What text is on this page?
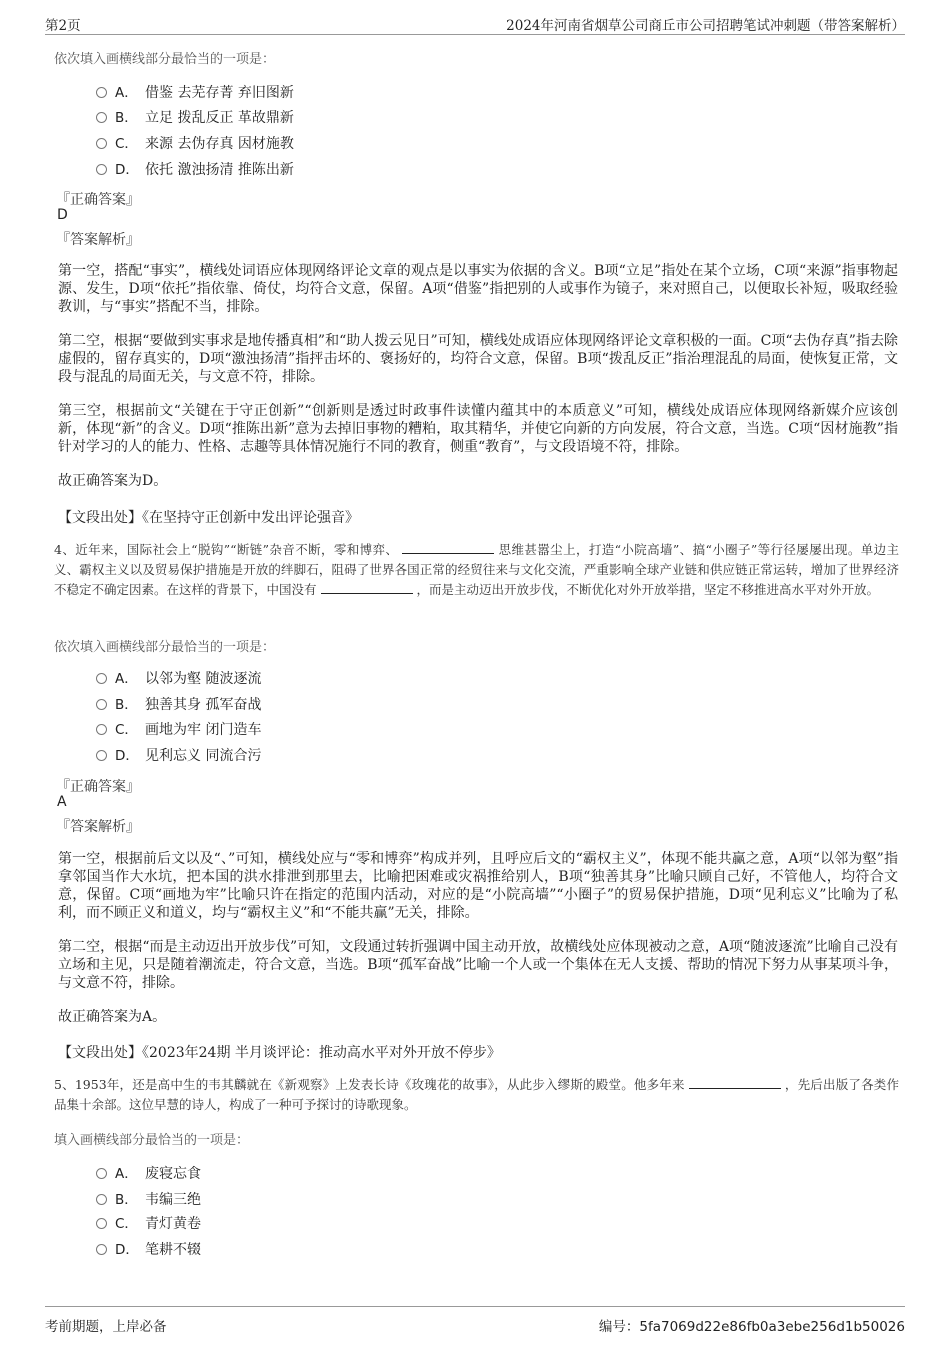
第2页	2024年河南省烟草公司商丘市公司招聘笔试冲刺题（带答案解析）
依次填入画横线部分最恰当的一项是：
A． 借鉴 去芜存菁 弃旧图新
B． 立足 拨乱反正 革故鼎新
C． 来源 去伪存真 因材施教
D． 依托 激浊扬清 推陈出新
『正确答案』
D
『答案解析』
第一空，搭配“事实”，横线处词语应体现网络评论文章的观点是以事实为依据的含义。B项“立足”指处在某个立场，C项“来源”指事物起源、发生，D项“依托”指依靠、倚仗，均符合文意，保留。A项“借鉴”指把别的人或事作为镜子，来对照自己，以便取长补短，吸取经验教训，与“事实”搭配不当，排除。
第二空，根据“要做到实事求是地传播真相”和“助人拨云见日”可知，横线处成语应体现网络评论文章积极的一面。C项“去伪存真”指去除虚假的，留存真实的，D项“激浊扬清”指抨击坏的、褒扬好的，均符合文意，保留。B项“拨乱反正”指治理混乱的局面，使恢复正常，文段与混乱的局面无关，与文意不符，排除。
第三空，根据前文“关键在于守正创新”“创新则是透过时政事件读懂内蕴其中的本质意义”可知，横线处成语应体现网络新媒介应该创新，体现“新”的含义。D项“推陈出新”意为去掉旧事物的糟粕，取其精华，并使它向新的方向发展，符合文意，当选。C项“因材施教”指针对学习的人的能力、性格、志趣等具体情况施行不同的教育，侧重“教育”，与文段语境不符，排除。
故正确答案为D。
【文段出处】《在坚持守正创新中发出评论强音》
4、近年来，国际社会上“脱钩”“断链”杂音不断，零和博弈、	思维甚嚣尘上，打造“小院高墙”、搞“小圈子”等行径屡屡出现。单边主义、霸权主义以及贸易保护措施是开放的绊脚石，阻碍了世界各国正常的经贸往来与文化交流，严重影响全球产业链和供应链正常运转，增加了世界经济不稳定不确定因素。在这样的背景下，中国没有	，而是主动迈出开放步伐，不断优化对外开放举措，坚定不移推进高水平对外开放。
依次填入画横线部分最恰当的一项是：
A． 以邻为壑 随波逐流
B． 独善其身 孤军奋战
C． 画地为牢 闭门造车
D． 见利忘义 同流合污
『正确答案』
A
『答案解析』
第一空，根据前后文以及“、”可知，横线处应与“零和博弈”构成并列，且呼应后文的“霸权主义”，体现不能共赢之意，A项“以邻为壑”指拿邻国当作大水坑，把本国的洪水排泄到那里去，比喻把困难或灾祸推给别人，B项“独善其身”比喻只顾自己好，不管他人，均符合文意，保留。C项“画地为牢”比喻只许在指定的范围内活动，对应的是“小院高墙”“小圈子”的贸易保护措施，D项“见利忘义”比喻为了私利，而不顾正义和道义，均与“霸权主义”和“不能共赢”无关，排除。
第二空，根据“而是主动迈出开放步伐”可知，文段通过转折强调中国主动开放，故横线处应体现被动之意，A项“随波逐流”比喻自己没有立场和主见，只是随着潮流走，符合文意，当选。B项“孤军奋战”比喻一个人或一个集体在无人支援、帮助的情况下努力从事某项斗争，与文意不符，排除。
故正确答案为A。
【文段出处】《2023年24期 半月谈评论：推动高水平对外开放不停步》
5、1953年，还是高中生的韦其麟就在《新观察》上发表长诗《玫瑰花的故事》，从此步入缪斯的殿堂。他多年来	，先后出版了各类作品集十余部。这位早慧的诗人，构成了一种可予探讨的诗歌现象。
填入画横线部分最恰当的一项是：
A． 废寝忘食
B． 韦编三绝
C． 青灯黄卷
D． 笔耕不辍
考前期题，上岸必备	编号：5fa7069d22e86fb0a3ebe256d1b50026
